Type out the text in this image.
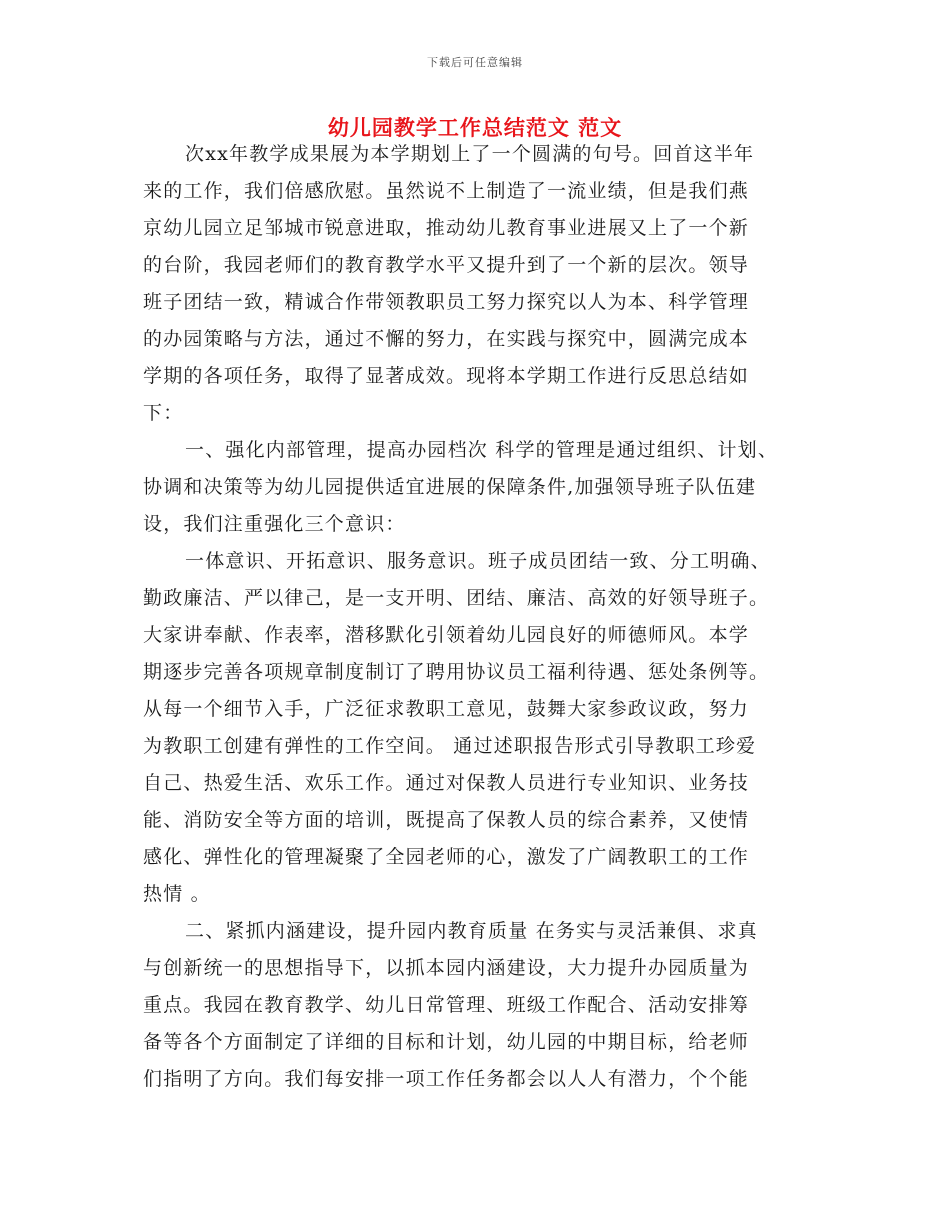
下载后可任意编辑
幼儿园教学工作总结范文 范文
次xx年教学成果展为本学期划上了一个圆满的句号。回首这半年
来的工作，我们倍感欣慰。虽然说不上制造了一流业绩，但是我们燕
京幼儿园立足邹城市锐意进取，推动幼儿教育事业进展又上了一个新
的台阶，我园老师们的教育教学水平又提升到了一个新的层次。领导
班子团结一致，精诚合作带领教职员工努力探究以人为本、科学管理
的办园策略与方法，通过不懈的努力，在实践与探究中，圆满完成本
学期的各项任务，取得了显著成效。现将本学期工作进行反思总结如
下：
一、强化内部管理，提高办园档次 科学的管理是通过组织、计划、
协调和决策等为幼儿园提供适宜进展的保障条件,加强领导班子队伍建
设，我们注重强化三个意识：
一体意识、开拓意识、服务意识。班子成员团结一致、分工明确、
勤政廉洁、严以律己，是一支开明、团结、廉洁、高效的好领导班子。
大家讲奉献、作表率，潜移默化引领着幼儿园良好的师德师风。本学
期逐步完善各项规章制度制订了聘用协议员工福利待遇、惩处条例等。
从每一个细节入手，广泛征求教职工意见，鼓舞大家参政议政，努力
为教职工创建有弹性的工作空间。 通过述职报告形式引导教职工珍爱
自己、热爱生活、欢乐工作。通过对保教人员进行专业知识、业务技
能、消防安全等方面的培训，既提高了保教人员的综合素养，又使情
感化、弹性化的管理凝聚了全园老师的心，激发了广阔教职工的工作
热情 。
二、紧抓内涵建设，提升园内教育质量 在务实与灵活兼俱、求真
与创新统一的思想指导下，以抓本园内涵建设，大力提升办园质量为
重点。我园在教育教学、幼儿日常管理、班级工作配合、活动安排筹
备等各个方面制定了详细的目标和计划，幼儿园的中期目标，给老师
们指明了方向。我们每安排一项工作任务都会以人人有潜力，个个能
